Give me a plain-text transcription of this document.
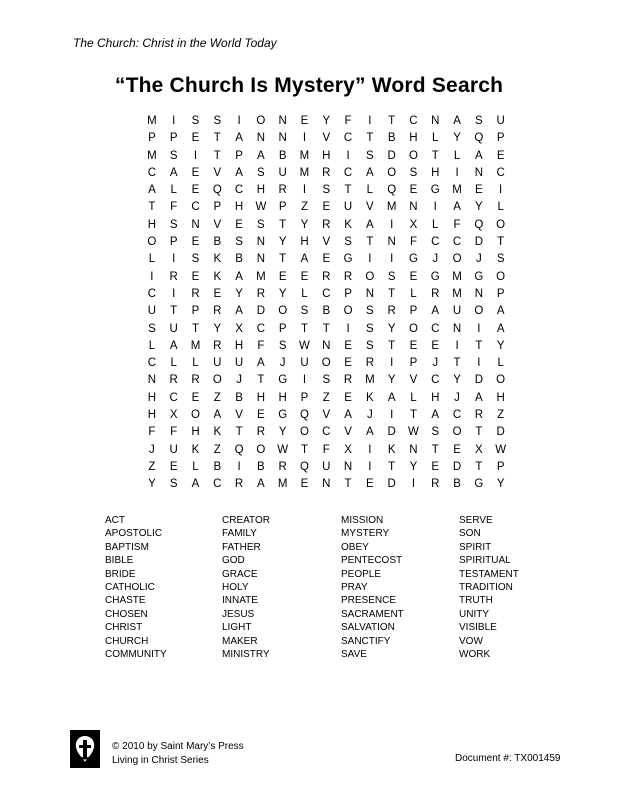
The Church: Christ in the World Today
“The Church Is Mystery” Word Search
M	I	S	S	I	O	N	E	Y	F	I	T	C	N	A	S	U
P	P	E	T	A	N	N	I	V	C	T	B	H	L	Y	Q	P
M	S	I	T	P	A	B	M	H	I	S	D	O	T	L	A	E
C	A	E	V	A	S	U	M	R	C	A	O	S	H	I	N	C
A	L	E	Q	C	H	R	I	S	T	L	Q	E	G	M	E	I
T	F	C	P	H	W	P	Z	E	U	V	M	N	I	A	Y	L
H	S	N	V	E	S	T	Y	R	K	A	I	X	L	F	Q	O
O	P	E	B	S	N	Y	H	V	S	T	N	F	C	C	D	T
L	I	S	K	B	N	T	A	E	G	I	I	G	J	O	J	S
I	R	E	K	A	M	E	E	R	R	O	S	E	G	M	G	O
C	I	R	E	Y	R	Y	L	C	P	N	T	L	R	M	N	P
U	T	P	R	A	D	O	S	B	O	S	R	P	A	U	O	A
S	U	T	Y	X	C	P	T	T	I	S	Y	O	C	N	I	A
L	A	M	R	H	F	S	W	N	E	S	T	E	E	I	T	Y
C	L	L	U	U	A	J	U	O	E	R	I	P	J	T	I	L
N	R	R	O	J	T	G	I	S	R	M	Y	V	C	Y	D	O
H	C	E	Z	B	H	H	P	Z	E	K	A	L	H	J	A	H
H	X	O	A	V	E	G	Q	V	A	J	I	T	A	C	R	Z
F	F	H	K	T	R	Y	O	C	V	A	D	W	S	O	T	D
J	U	K	Z	Q	O	W	T	F	X	I	K	N	T	E	X	W
Z	E	L	B	I	B	R	Q	U	N	I	T	Y	E	D	T	P
Y	S	A	C	R	A	M	E	N	T	E	D	I	R	B	G	Y
ACT
APOSTOLIC
BAPTISM
BIBLE
BRIDE
CATHOLIC
CHASTE
CHOSEN
CHRIST
CHURCH
COMMUNITY
CREATOR
FAMILY
FATHER
GOD
GRACE
HOLY
INNATE
JESUS
LIGHT
MAKER
MINISTRY
MISSION
MYSTERY
OBEY
PENTECOST
PEOPLE
PRAY
PRESENCE
SACRAMENT
SALVATION
SANCTIFY
SAVE
SERVE
SON
SPIRIT
SPIRITUAL
TESTAMENT
TRADITION
TRUTH
UNITY
VISIBLE
VOW
WORK
© 2010 by Saint Mary’s Press
Living in Christ Series	Document #: TX001459
